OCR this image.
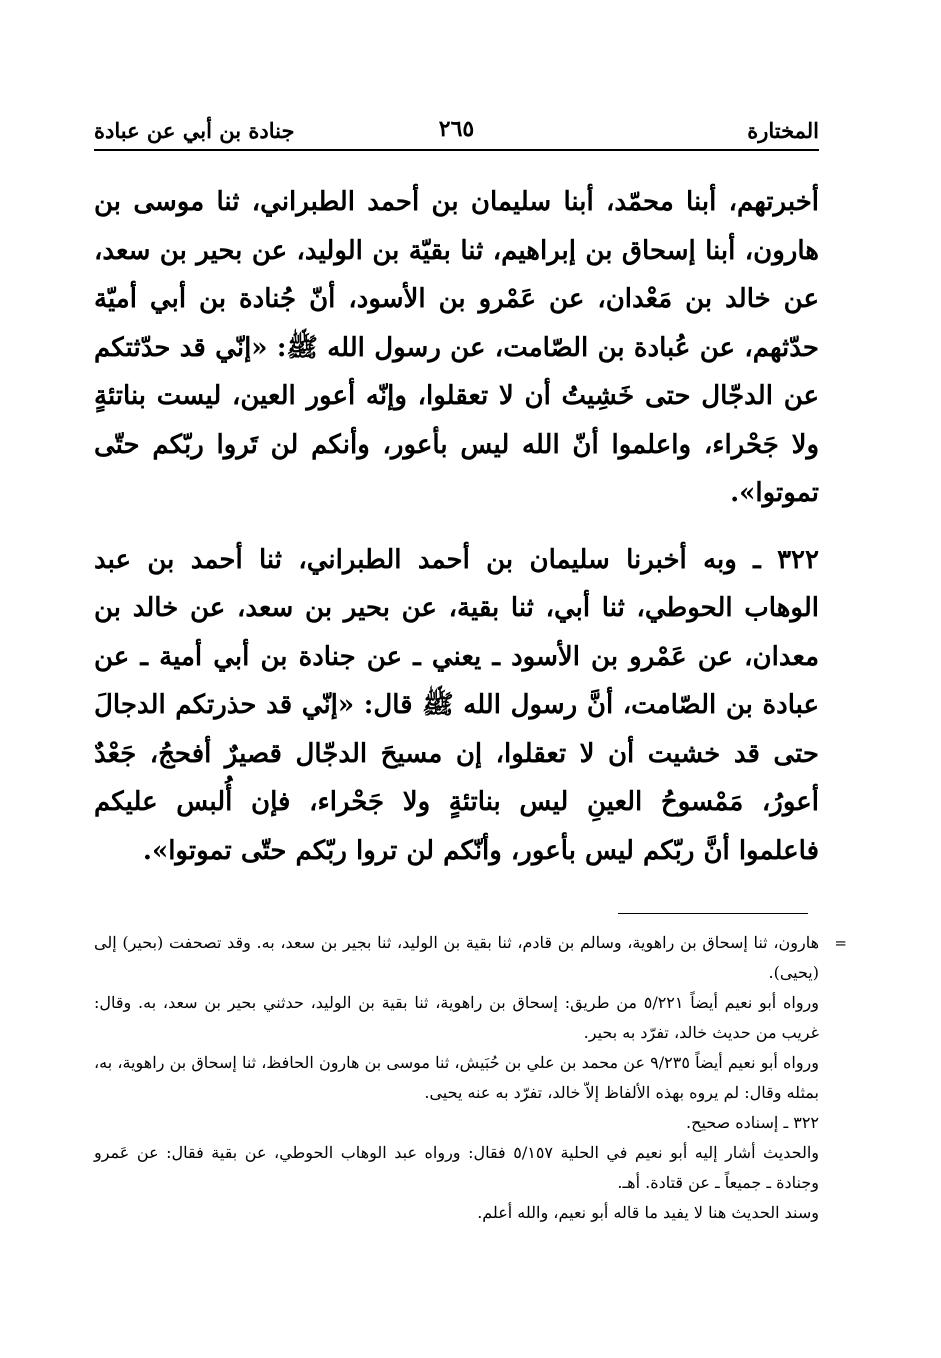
المختارة
٢٦٥
جنادة بن أبي عن عبادة

أخبرتهم، أبنا محمّد، أبنا سليمان بن أحمد الطبراني، ثنا موسى بن هارون، أبنا إسحاق بن إبراهيم، ثنا بقيّة بن الوليد، عن بحير بن سعد، عن خالد بن مَعْدان، عن عَمْرو بن الأسود، أنّ جُنادة بن أبي أميّة حدّثهم، عن عُبادة بن الصّامت، عن رسول الله ﷺ: «إنّي قد حدّثتكم عن الدجّال حتى خَشِيتُ أن لا تعقلوا، وإنّه أعور العين، ليست بناتئةٍ ولا جَحْراء، واعلموا أنّ الله ليس بأعور، وأنكم لن تَروا ربّكم حتّى تموتوا».

٣٢٢ ـ وبه أخبرنا سليمان بن أحمد الطبراني، ثنا أحمد بن عبد الوهاب الحوطي، ثنا أبي، ثنا بقية، عن بحير بن سعد، عن خالد بن معدان، عن عَمْرو بن الأسود ـ يعني ـ عن جنادة بن أبي أمية ـ عن عبادة بن الصّامت، أنَّ رسول الله ﷺ قال: «إنّي قد حذرتكم الدجالَ حتى قد خشيت أن لا تعقلوا، إن مسيحَ الدجّال قصيرٌ أفحجُ، جَعْدٌ أعورُ، مَمْسوحُ العينِ ليس بناتئةٍ ولا جَحْراء، فإن أُلبس عليكم فاعلموا أنَّ ربّكم ليس بأعور، وأنّكم لن تروا ربّكم حتّى تموتوا».

=

هارون، ثنا إسحاق بن راهوية، وسالم بن قادم، ثنا بقية بن الوليد، ثنا بجير بن سعد، به. وقد تصحفت (بحير) إلى (يحيى).

ورواه أبو نعيم أيضاً ٥/٢٢١ من طريق: إسحاق بن راهوية، ثنا بقية بن الوليد، حدثني بحير بن سعد، به. وقال: غريب من حديث خالد، تفرّد به بحير.

ورواه أبو نعيم أيضاً ٩/٢٣٥ عن محمد بن علي بن حُبَيش، ثنا موسى بن هارون الحافظ، ثنا إسحاق بن راهوية، به، بمثله وقال: لم يروه بهذه الألفاظ إلاّ خالد، تفرّد به عنه يحيى.

٣٢٢ ـ إسناده صحيح.

والحديث أشار إليه أبو نعيم في الحلية ٥/١٥٧ فقال: ورواه عبد الوهاب الحوطي، عن بقية فقال: عن عَمرو وجنادة ـ جميعاً ـ عن قتادة. أهـ.

وسند الحديث هنا لا يفيد ما قاله أبو نعيم، والله أعلم.
